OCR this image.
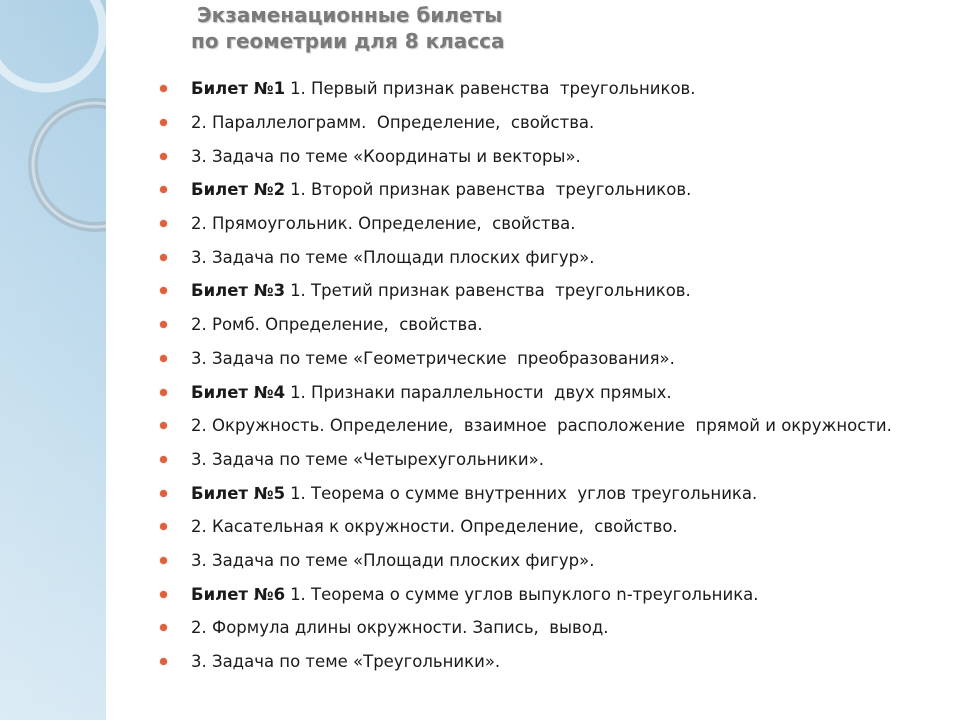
Экзаменационные билеты
по геометрии для 8 класса
Билет №1 1. Первый признак равенства  треугольников.
2. Параллелограмм.  Определение,  свойства.
3. Задача по теме «Координаты и векторы».
Билет №2 1. Второй признак равенства  треугольников.
2. Прямоугольник. Определение,  свойства.
3. Задача по теме «Площади плоских фигур».
Билет №3 1. Третий признак равенства  треугольников.
2. Ромб. Определение,  свойства.
3. Задача по теме «Геометрические  преобразования».
Билет №4 1. Признаки параллельности  двух прямых.
2. Окружность. Определение,  взаимное  расположение  прямой и окружности.
3. Задача по теме «Четырехугольники».
Билет №5 1. Теорема о сумме внутренних  углов треугольника.
2. Касательная к окружности. Определение,  свойство.
3. Задача по теме «Площади плоских фигур».
Билет №6 1. Теорема о сумме углов выпуклого n-треугольника.
2. Формула длины окружности. Запись,  вывод.
3. Задача по теме «Треугольники».
